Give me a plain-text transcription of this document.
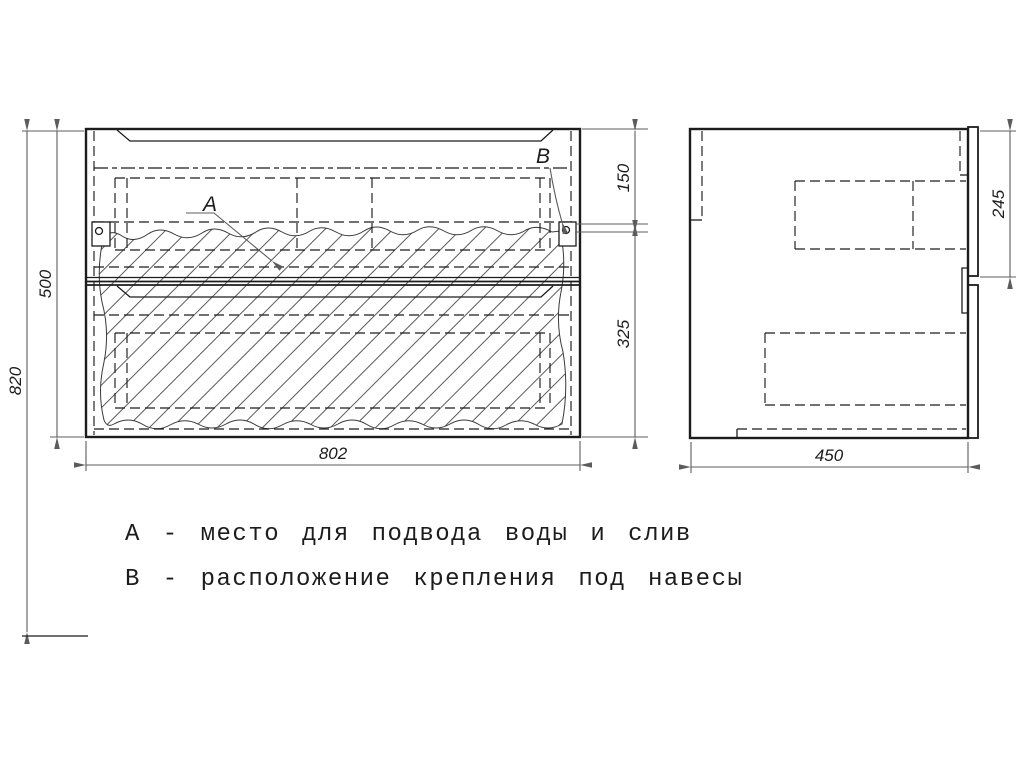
500
820
150
325
802	450
245
А
В
А - место для подвода воды и слив
В - расположение крепления под навесы
